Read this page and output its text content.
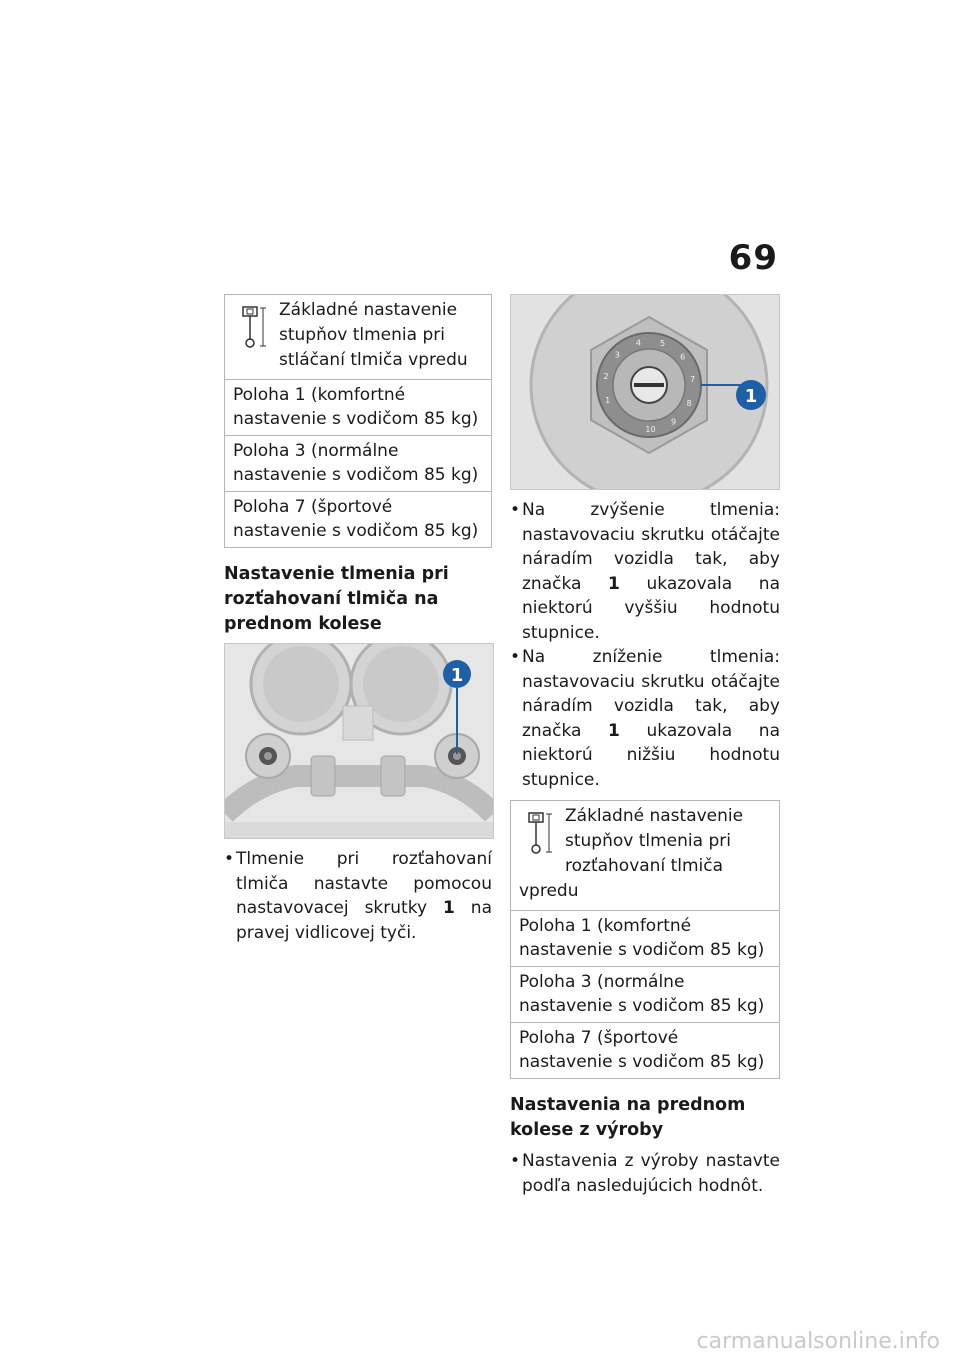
69
Základné nastavenie stupňov tlmenia pri stláčaní tlmiča vpredu
Poloha 1 (komfortné nastavenie s vodičom 85 kg)
Poloha 3 (normálne nastavenie s vodičom 85 kg)
Poloha 7 (športové nastavenie s vodičom 85 kg)
Nastavenie tlmenia pri rozťahovaní tlmiča na prednom kolese
1
• Tlmenie pri rozťahovaní tlmiča nastavte pomocou nastavovacej skrutky 1 na pravej vidlicovej tyči.
1
2
3
4 5
6
7
8
9
10
1
• Na zvýšenie tlmenia: nastavovaciu skrutku otáčajte náradím vozidla tak, aby značka 1 ukazovala na niektorú vyššiu hodnotu stupnice.
• Na zníženie tlmenia: nastavovaciu skrutku otáčajte náradím vozidla tak, aby značka 1 ukazovala na niektorú nižšiu hodnotu stupnice.
Základné nastavenie stupňov tlmenia pri rozťahovaní tlmiča vpredu
Poloha 1 (komfortné nastavenie s vodičom 85 kg)
Poloha 3 (normálne nastavenie s vodičom 85 kg)
Poloha 7 (športové nastavenie s vodičom 85 kg)
Nastavenia na prednom kolese z výroby
• Nastavenia z výroby nastavte podľa nasledujúcich hodnôt.
carmanualsonline.info
